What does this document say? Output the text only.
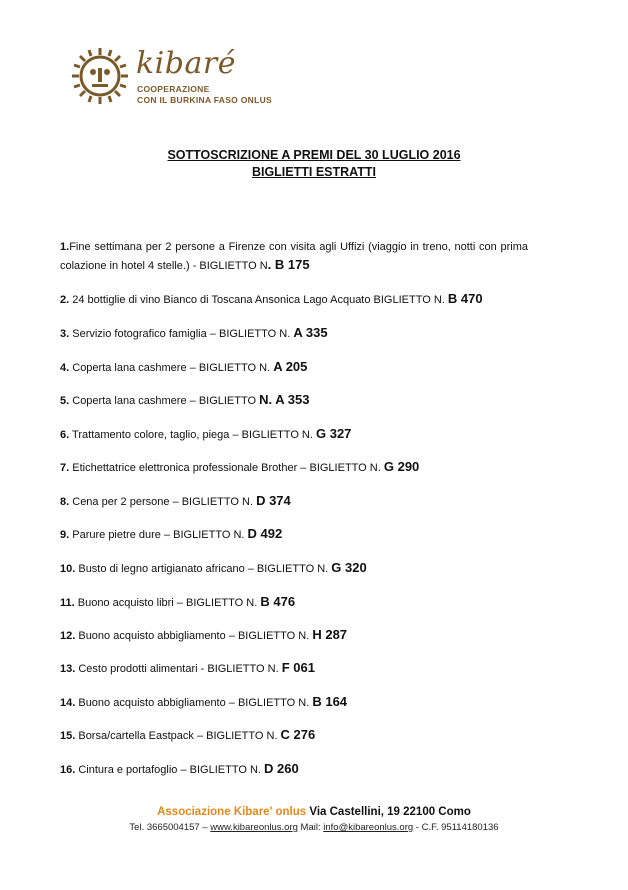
kibaré
COOPERAZIONE
CON IL BURKINA FASO ONLUS
SOTTOSCRIZIONE A PREMI DEL 30 LUGLIO 2016
BIGLIETTI ESTRATTI
1.Fine settimana per 2 persone a Firenze con visita agli Uffizi (viaggio in treno, notti con prima colazione in hotel 4 stelle.) - BIGLIETTO N. B 175
2. 24 bottiglie di vino Bianco di Toscana Ansonica Lago Acquato BIGLIETTO N. B 470
3. Servizio fotografico famiglia – BIGLIETTO N. A 335
4. Coperta lana cashmere – BIGLIETTO N. A 205
5. Coperta lana cashmere – BIGLIETTO N. A 353
6. Trattamento colore, taglio, piega – BIGLIETTO N. G 327
7. Etichettatrice elettronica professionale Brother – BIGLIETTO N. G 290
8. Cena per 2 persone – BIGLIETTO N. D 374
9. Parure pietre dure – BIGLIETTO N. D 492
10. Busto di legno artigianato africano – BIGLIETTO N. G 320
11. Buono acquisto libri – BIGLIETTO N. B 476
12. Buono acquisto abbigliamento – BIGLIETTO N. H 287
13. Cesto prodotti alimentari - BIGLIETTO N. F 061
14. Buono acquisto abbigliamento – BIGLIETTO N. B 164
15. Borsa/cartella Eastpack – BIGLIETTO N. C 276
16. Cintura e portafoglio – BIGLIETTO N. D 260
Associazione Kibare' onlus Via Castellini, 19 22100 Como
Tel. 3665004157 – www.kibareonlus.org Mail: info@kibareonlus.org - C.F. 95114180136
